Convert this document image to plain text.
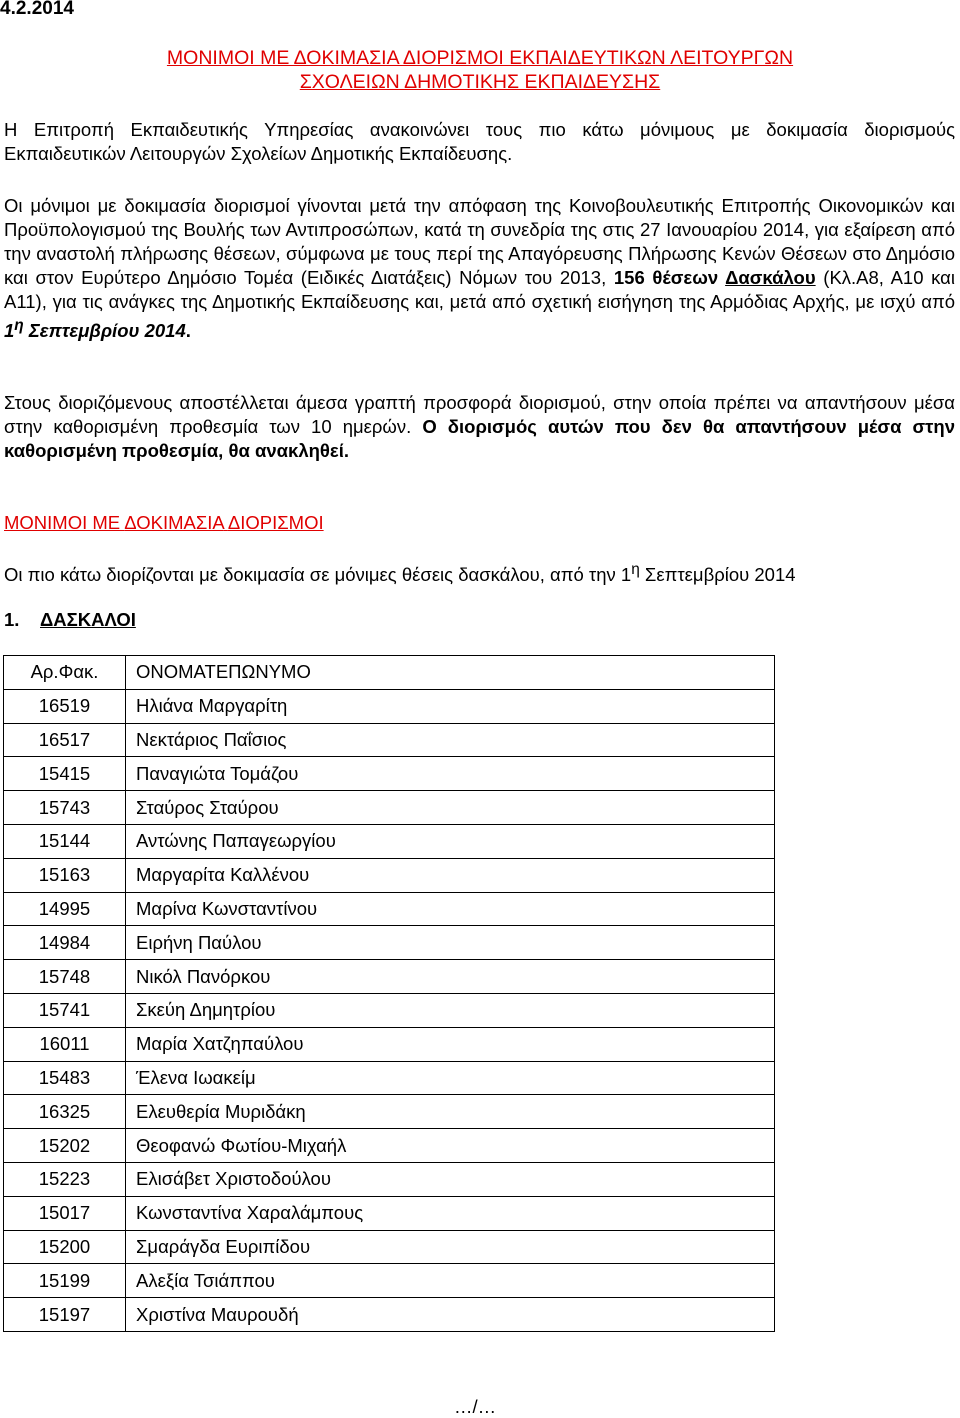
4.2.2014
ΜΟΝΙΜΟΙ ΜΕ ΔΟΚΙΜΑΣΙΑ ΔΙΟΡΙΣΜΟΙ ΕΚΠΑΙΔΕΥΤΙΚΩΝ ΛΕΙΤΟΥΡΓΩΝ
ΣΧΟΛΕΙΩΝ ΔΗΜΟΤΙΚΗΣ ΕΚΠΑΙΔΕΥΣΗΣ
Η Επιτροπή Εκπαιδευτικής Υπηρεσίας ανακοινώνει τους πιο κάτω μόνιμους με δοκιμασία διορισμούς Εκπαιδευτικών Λειτουργών Σχολείων Δημοτικής Εκπαίδευσης.
Οι μόνιμοι με δοκιμασία διορισμοί γίνονται μετά την απόφαση της Κοινοβουλευτικής Επιτροπής Οικονομικών και Προϋπολογισμού της Βουλής των Αντιπροσώπων, κατά τη συνεδρία της στις 27 Ιανουαρίου 2014, για εξαίρεση από την αναστολή πλήρωσης θέσεων, σύμφωνα με τους περί της Απαγόρευσης Πλήρωσης Κενών Θέσεων στο Δημόσιο και στον Ευρύτερο Δημόσιο Τομέα (Ειδικές Διατάξεις) Νόμων του 2013, 156 θέσεων Δασκάλου (Κλ.Α8, Α10 και Α11), για τις ανάγκες της Δημοτικής Εκπαίδευσης και, μετά από σχετική εισήγηση της Αρμόδιας Αρχής, με ισχύ από $1^\eta$ Σεπτεμβρίου 2014.
Στους διοριζόμενους αποστέλλεται άμεσα γραπτή προσφορά διορισμού, στην οποία πρέπει να απαντήσουν μέσα στην καθορισμένη προθεσμία των 10 ημερών. Ο διορισμός αυτών που δεν θα απαντήσουν μέσα στην καθορισμένη προθεσμία, θα ανακληθεί.
ΜΟΝΙΜΟΙ ΜΕ ΔΟΚΙΜΑΣΙΑ ΔΙΟΡΙΣΜΟΙ
Οι πιο κάτω διορίζονται με δοκιμασία σε μόνιμες θέσεις δασκάλου, από την $1^\eta$ Σεπτεμβρίου 2014
1. ΔΑΣΚΑΛΟΙ
Αρ.Φακ.	ΟΝΟΜΑΤΕΠΩΝΥΜΟ
16519	Ηλιάνα Μαργαρίτη
16517	Νεκτάριος Παΐσιος
15415	Παναγιώτα Τομάζου
15743	Σταύρος Σταύρου
15144	Αντώνης Παπαγεωργίου
15163	Μαργαρίτα Καλλένου
14995	Μαρίνα Κωνσταντίνου
14984	Ειρήνη Παύλου
15748	Νικόλ Πανόρκου
15741	Σκεύη Δημητρίου
16011	Μαρία Χατζηπαύλου
15483	Έλενα Ιωακείμ
16325	Ελευθερία Μυριδάκη
15202	Θεοφανώ Φωτίου-Μιχαήλ
15223	Ελισάβετ Χριστοδούλου
15017	Κωνσταντίνα Χαραλάμπους
15200	Σμαράγδα Ευριπίδου
15199	Αλεξία Τσιάππου
15197	Χριστίνα Μαυρουδή
…/…
